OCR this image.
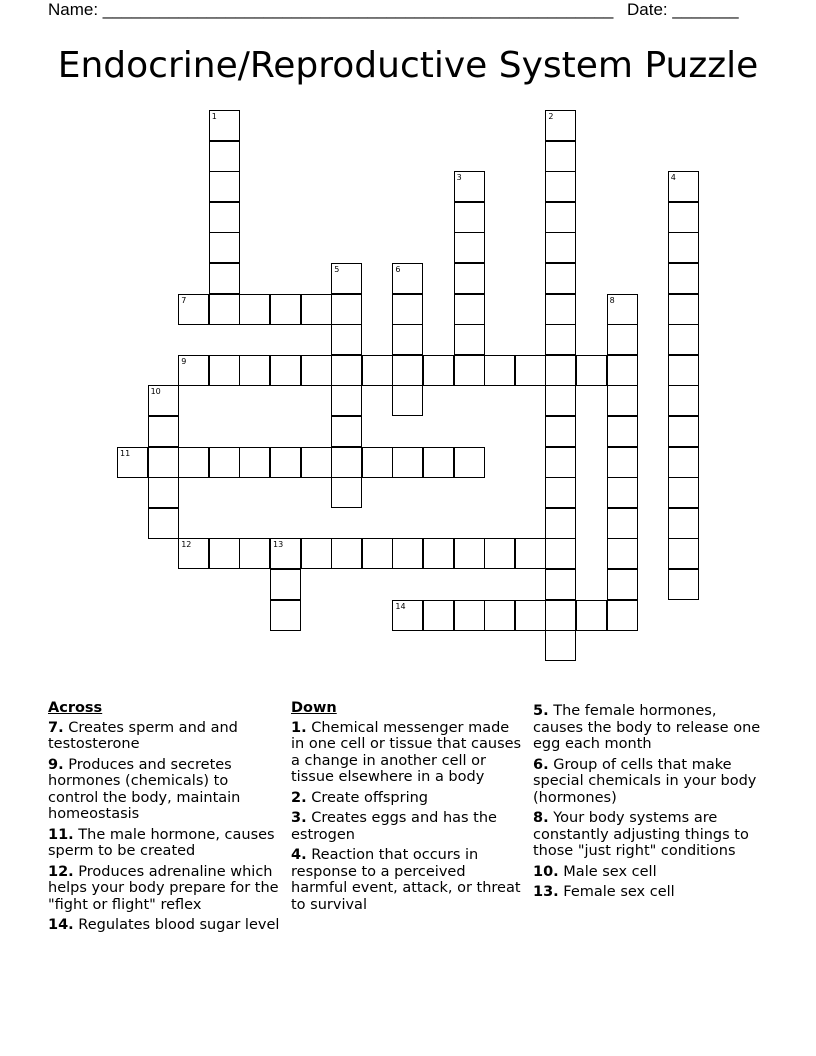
Name: ______________________________________________________ Date: _______
Endocrine/Reproductive System Puzzle
1	2
3	4
5	6
7	8
9
10
11
12	13
14
Across
7. Creates sperm and and testosterone
9. Produces and secretes hormones (chemicals) to control the body, maintain homeostasis
11. The male hormone, causes sperm to be created
12. Produces adrenaline which helps your body prepare for the "fight or flight" reflex
14. Regulates blood sugar level
Down
1. Chemical messenger made in one cell or tissue that causes a change in another cell or tissue elsewhere in a body
2. Create offspring
3. Creates eggs and has the estrogen
4. Reaction that occurs in response to a perceived harmful event, attack, or threat to survival
5. The female hormones, causes the body to release one egg each month
6. Group of cells that make special chemicals in your body (hormones)
8. Your body systems are constantly adjusting things to those "just right" conditions
10. Male sex cell
13. Female sex cell
